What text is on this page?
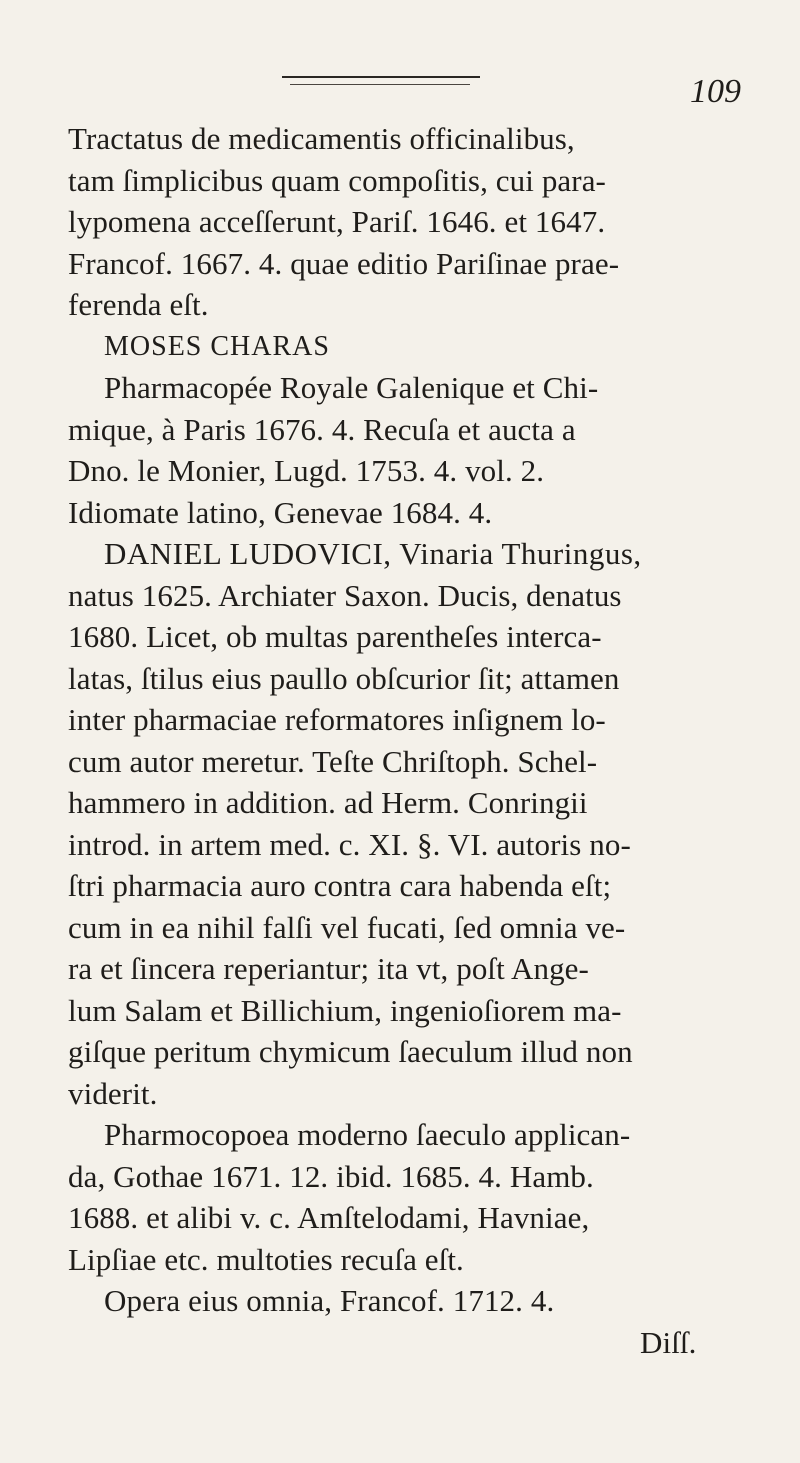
109
Tractatus de medicamentis officinalibus,
tam ſimplicibus quam compoſitis, cui para-
lypomena acceſſerunt, Pariſ. 1646. et 1647.
Francof. 1667. 4. quae editio Pariſinae prae-
ferenda eſt.
MOSES CHARAS
Pharmacopée Royale Galenique et Chi-
mique, à Paris 1676. 4. Recuſa et aucta a
Dno. le Monier, Lugd. 1753. 4. vol. 2.
Idiomate latino, Genevae 1684. 4.
DANIEL LUDOVICI, Vinaria Thuringus,
natus 1625. Archiater Saxon. Ducis, denatus
1680. Licet, ob multas parentheſes interca-
latas, ſtilus eius paullo obſcurior ſit; attamen
inter pharmaciae reformatores inſignem lo-
cum autor meretur. Teſte Chriſtoph. Schel-
hammero in addition. ad Herm. Conringii
introd. in artem med. c. XI. §. VI. autoris no-
ſtri pharmacia auro contra cara habenda eſt;
cum in ea nihil falſi vel fucati, ſed omnia ve-
ra et ſincera reperiantur; ita vt, poſt Ange-
lum Salam et Billichium, ingenioſiorem ma-
giſque peritum chymicum ſaeculum illud non
viderit.
Pharmocopoea moderno ſaeculo applican-
da, Gothae 1671. 12. ibid. 1685. 4. Hamb.
1688. et alibi v. c. Amſtelodami, Havniae,
Lipſiae etc. multoties recuſa eſt.
Opera eius omnia, Francof. 1712. 4.
Diſſ.
